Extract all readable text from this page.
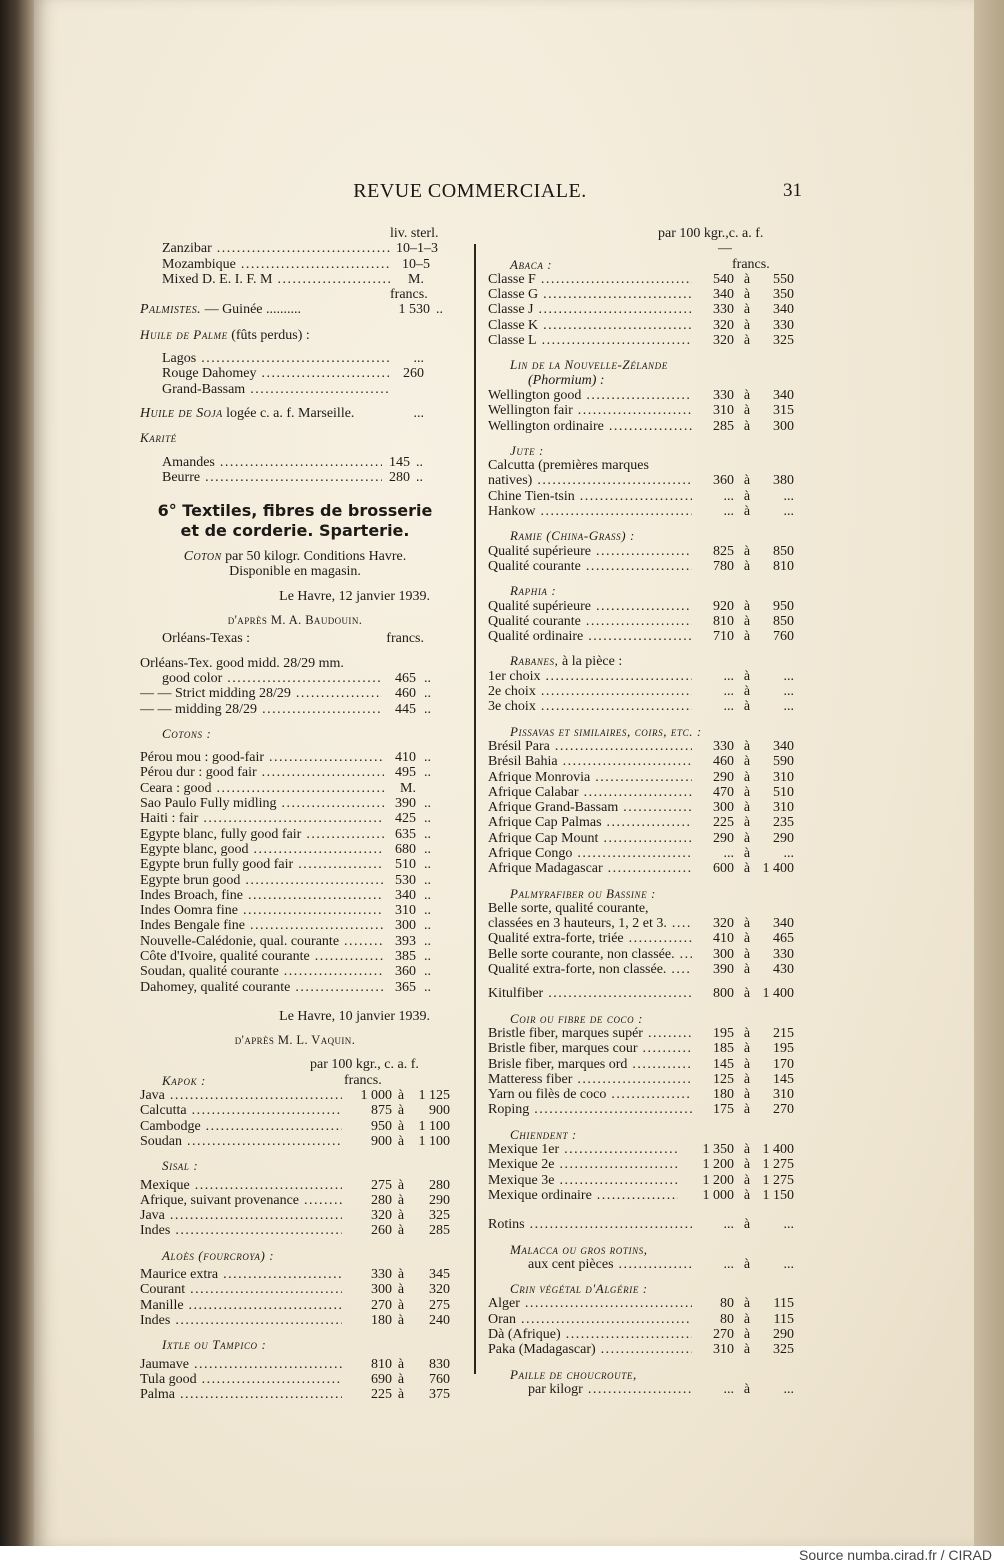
Source numba.cirad.fr / CIRAD
REVUE COMMERCIALE.	31
liv. sterl.
Zanzibar .....	10–1–3
Mozambique .....	10–5
Mixed D. E. I. F. M .....	M.
francs.
Palmistes. — Guinée ..........	1 530 ..
Huile de Palme (fûts perdus) :
Lagos .....	...
Rouge Dahomey .....	260
Grand-Bassam .....
Huile de Soja logée c. a. f. Marseille.	...
Karité
Amandes .....	145 ..
Beurre .....	280 ..
6° Textiles, fibres de brosserie
et de corderie. Sparterie.
Coton par 50 kilogr. Conditions Havre.
Disponible en magasin.
Le Havre, 12 janvier 1939.
d'après M. A. Baudouin.
Orléans-Texas :	francs.
Orléans-Tex. good midd. 28/29 mm.
good color .....	465 ..
— — Strict midding 28/29 .....	460 ..
— — midding 28/29 .....	445 ..
Cotons :
Pérou mou : good-fair .....	410 ..
Pérou dur : good fair .....	495 ..
Ceara : good .....	M.
Sao Paulo Fully midling .....	390 ..
Haiti : fair .....	425 ..
Egypte blanc, fully good fair .....	635 ..
Egypte blanc, good .....	680 ..
Egypte brun fully good fair .....	510 ..
Egypte brun good .....	530 ..
Indes Broach, fine .....	340 ..
Indes Oomra fine .....	310 ..
Indes Bengale fine .....	300 ..
Nouvelle-Calédonie, qual. courante .....	393 ..
Côte d'Ivoire, qualité courante .....	385 ..
Soudan, qualité courante .....	360 ..
Dahomey, qualité courante .....	365 ..
Le Havre, 10 janvier 1939.
d'après M. L. Vaquin.
par 100 kgr., c. a. f.
Kapok :	francs.
Java .....	1 000 à	1 125
Calcutta .....	875 à	900
Cambodge .....	950 à	1 100
Soudan .....	900 à	1 100
Sisal :
Mexique .....	275 à	280
Afrique, suivant provenance .....	280 à	290
Java .....	320 à	325
Indes .....	260 à	285
Aloès (fourcroya) :
Maurice extra .....	330 à	345
Courant .....	300 à	320
Manille .....	270 à	275
Indes .....	180 à	240
Ixtle ou Tampico :
Jaumave .....	810 à	830
Tula good .....	690 à	760
Palma .....	225 à	375
par 100 kgr.,c. a. f.
—
Abaca :	francs.
Classe F .....	540 à	550
Classe G .....	340 à	350
Classe J .....	330 à	340
Classe K .....	320 à	330
Classe L .....	320 à	325
Lin de la Nouvelle-Zélande
(Phormium) :
Wellington good .....	330 à	340
Wellington fair .....	310 à	315
Wellington ordinaire .....	285 à	300
Jute :
Calcutta (premières marques
natives) .....	360 à	380
Chine Tien-tsin .....	... à	...
Hankow .....	... à	...
Ramie (China-Grass) :
Qualité supérieure .....	825 à	850
Qualité courante .....	780 à	810
Raphia :
Qualité supérieure .....	920 à	950
Qualité courante .....	810 à	850
Qualité ordinaire .....	710 à	760
Rabanes, à la pièce :
1er choix .....	... à	...
2e choix .....	... à	...
3e choix .....	... à	...
Pissavas et similaires, coirs, etc. :
Brésil Para .....	330 à	340
Brésil Bahia .....	460 à	590
Afrique Monrovia .....	290 à	310
Afrique Calabar .....	470 à	510
Afrique Grand-Bassam .....	300 à	310
Afrique Cap Palmas .....	225 à	235
Afrique Cap Mount .....	290 à	290
Afrique Congo .....	... à	...
Afrique Madagascar .....	600 à 1 400
Palmyrafiber ou Bassine :
Belle sorte, qualité courante,
classées en 3 hauteurs, 1, 2 et 3. .....	320 à	340
Qualité extra-forte, triée .....	410 à	465
Belle sorte courante, non classée. .....	300 à	330
Qualité extra-forte, non classée. .....	390 à	430
Kitulfiber .....	800 à 1 400
Coir ou fibre de coco :
Bristle fiber, marques supér .....	195 à	215
Bristle fiber, marques cour .....	185 à	195
Brisle fiber, marques ord .....	145 à	170
Matteress fiber .....	125 à	145
Yarn ou filès de coco .....	180 à	310
Roping .....	175 à	270
Chiendent :
Mexique 1er .....	1 350 à 1 400
Mexique 2e .....	1 200 à 1 275
Mexique 3e .....	1 200 à 1 275
Mexique ordinaire .....	1 000 à 1 150
Rotins .....	... à	...
Malacca ou gros rotins,
aux cent pièces .....	... à	...
Crin végétal d'Algérie :
Alger .....	80 à	115
Oran .....	80 à	115
Dà (Afrique) .....	270 à	290
Paka (Madagascar) .....	310 à	325
Paille de choucroute,
par kilogr .....	... à	...
